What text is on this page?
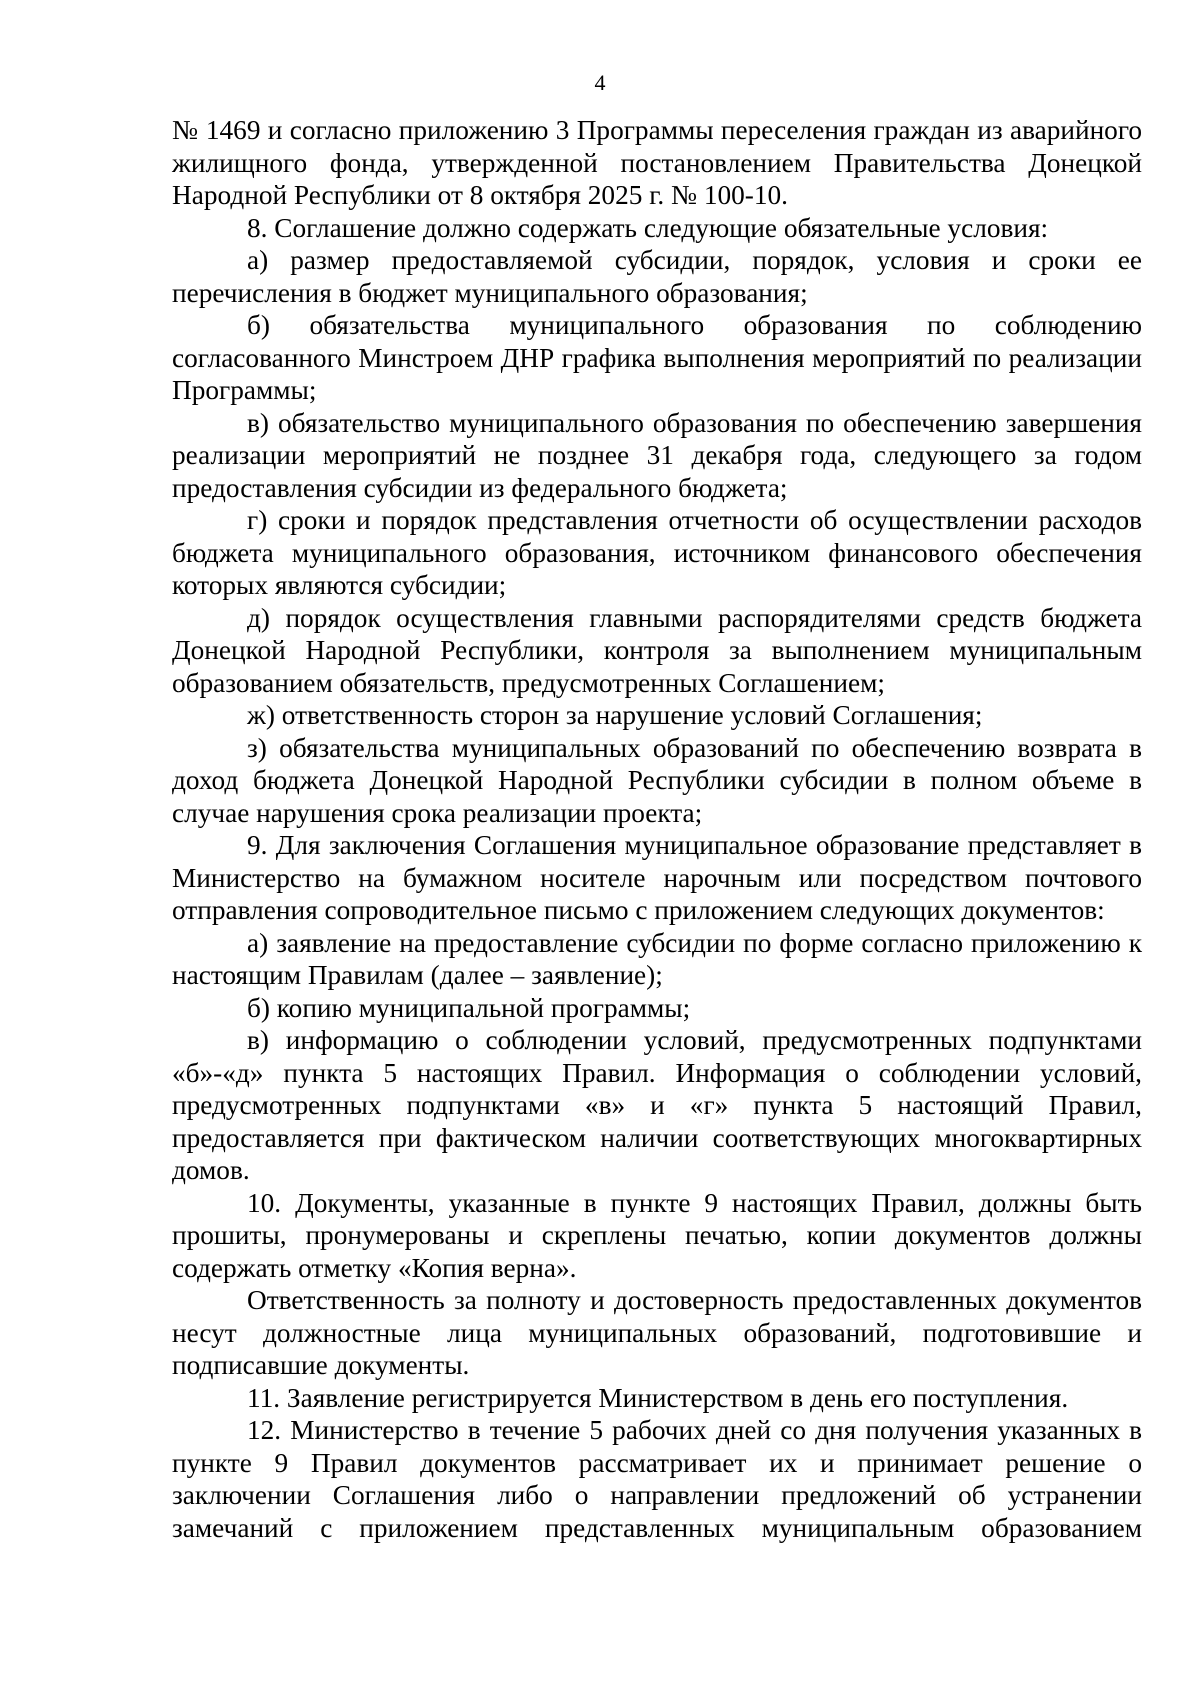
4

№ 1469 и согласно приложению 3 Программы переселения граждан из аварийного жилищного фонда, утвержденной постановлением Правительства Донецкой Народной Республики от 8 октября 2025 г. № 100-10.

8. Соглашение должно содержать следующие обязательные условия:

а) размер предоставляемой субсидии, порядок, условия и сроки ее перечисления в бюджет муниципального образования;

б) обязательства муниципального образования по соблюдению согласованного Минстроем ДНР графика выполнения мероприятий по реализации Программы;

в) обязательство муниципального образования по обеспечению завершения реализации мероприятий не позднее 31 декабря года, следующего за годом предоставления субсидии из федерального бюджета;

г) сроки и порядок представления отчетности об осуществлении расходов бюджета муниципального образования, источником финансового обеспечения которых являются субсидии;

д) порядок осуществления главными распорядителями средств бюджета Донецкой Народной Республики, контроля за выполнением муниципальным образованием обязательств, предусмотренных Соглашением;

ж) ответственность сторон за нарушение условий Соглашения;

з) обязательства муниципальных образований по обеспечению возврата в доход бюджета Донецкой Народной Республики субсидии в полном объеме в случае нарушения срока реализации проекта;

9. Для заключения Соглашения муниципальное образование представляет в Министерство на бумажном носителе нарочным или посредством почтового отправления сопроводительное письмо с приложением следующих документов:

а) заявление на предоставление субсидии по форме согласно приложению к настоящим Правилам (далее – заявление);

б) копию муниципальной программы;

в) информацию о соблюдении условий, предусмотренных подпунктами «б»-«д» пункта 5 настоящих Правил. Информация о соблюдении условий, предусмотренных подпунктами «в» и «г» пункта 5 настоящий Правил, предоставляется при фактическом наличии соответствующих многоквартирных домов.

10. Документы, указанные в пункте 9 настоящих Правил, должны быть прошиты, пронумерованы и скреплены печатью, копии документов должны содержать отметку «Копия верна».

Ответственность за полноту и достоверность предоставленных документов несут должностные лица муниципальных образований, подготовившие и подписавшие документы.

11. Заявление регистрируется Министерством в день его поступления.

12. Министерство в течение 5 рабочих дней со дня получения указанных в пункте 9 Правил документов рассматривает их и принимает решение о заключении Соглашения либо о направлении предложений об устранении замечаний с приложением представленных муниципальным образованием
